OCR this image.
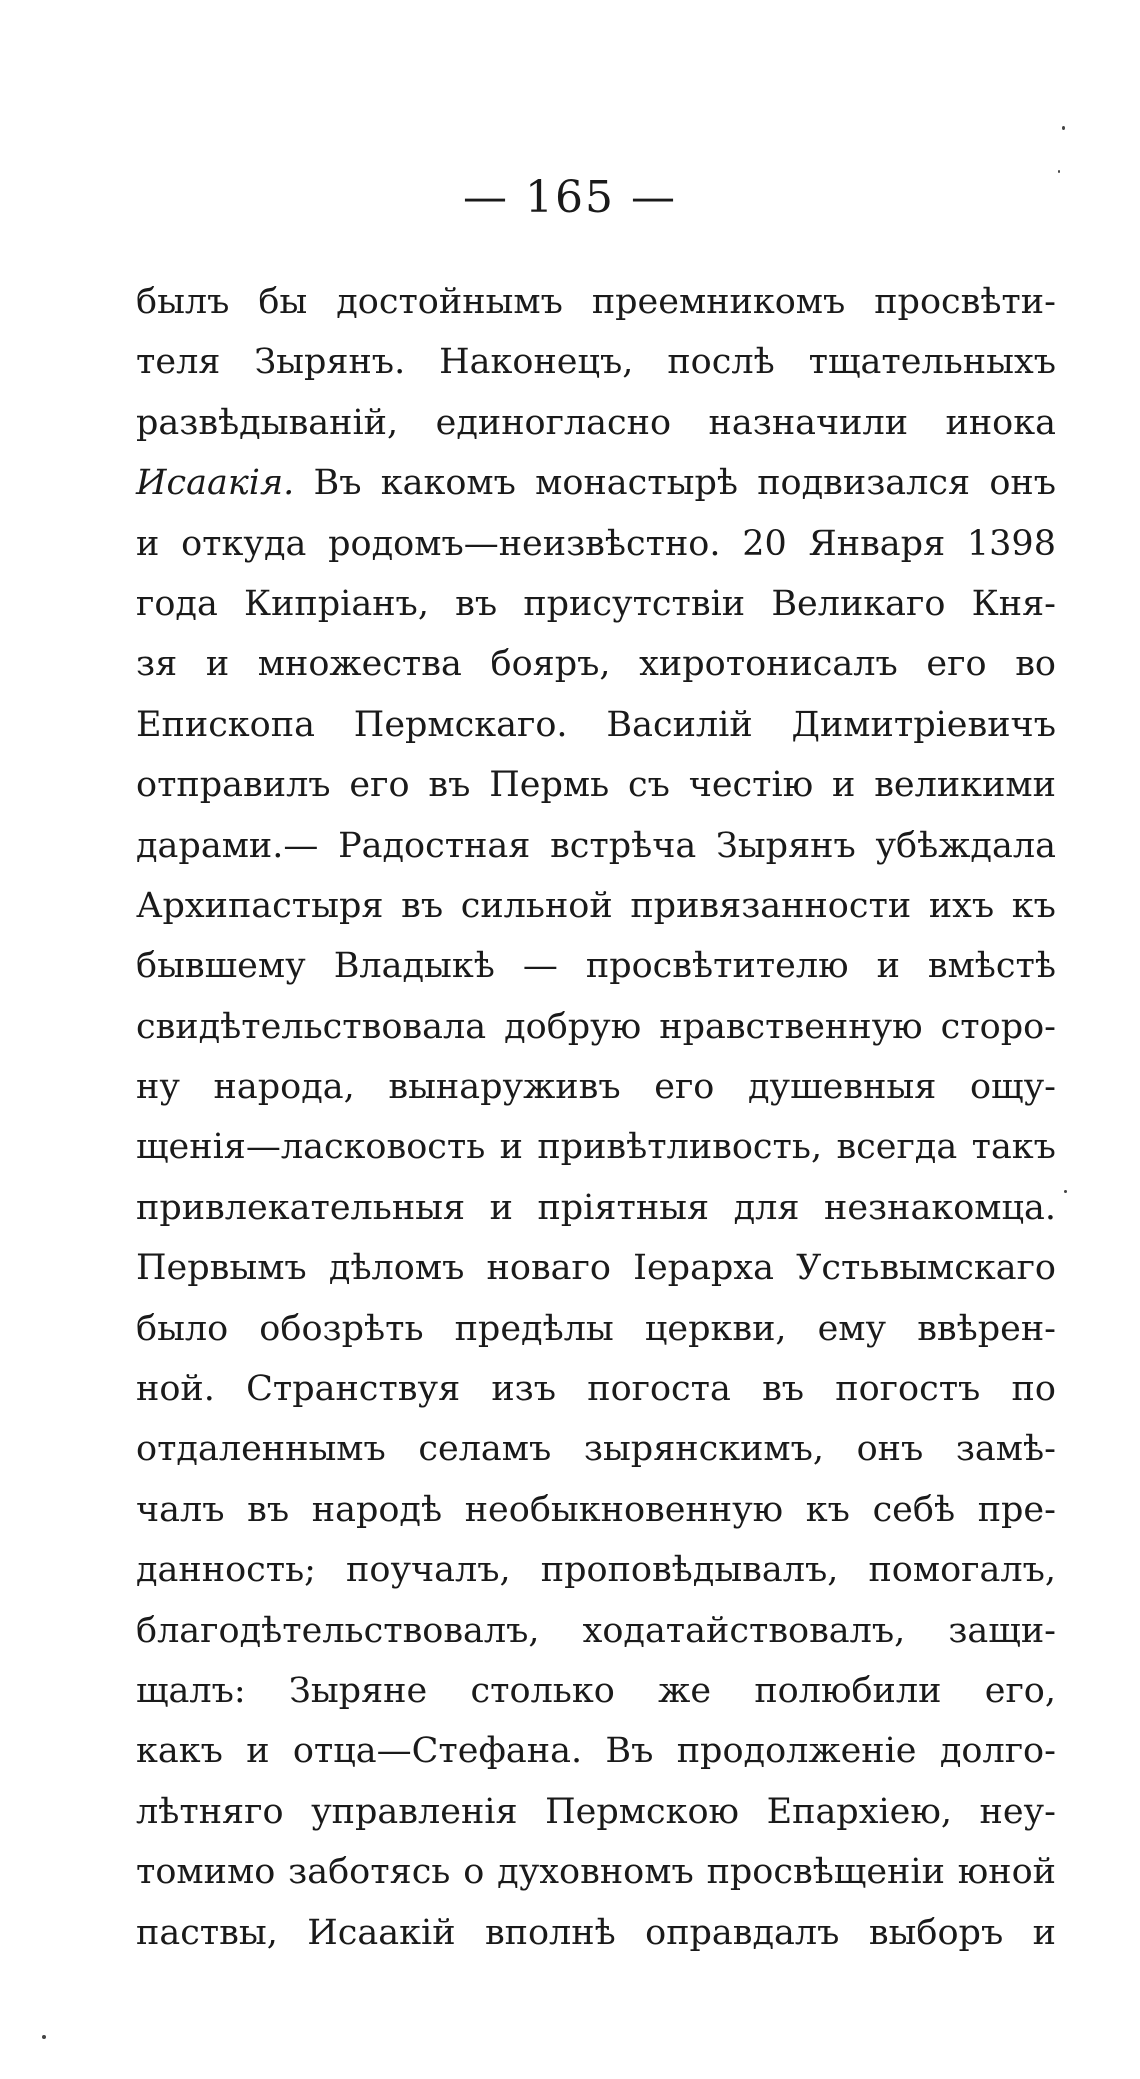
— 165 —
былъ бы достойнымъ преемникомъ просвѣти-
теля Зырянъ. Наконецъ, послѣ тщательныхъ
развѣдываній, единогласно назначили инока
Исаакія. Въ какомъ монастырѣ подвизался онъ
и откуда родомъ—неизвѣстно. 20 Января 1398
года Кипріанъ, въ присутствіи Великаго Кня-
зя и множества бояръ, хиротонисалъ его во
Епископа Пермскаго. Василій Димитріевичъ
отправилъ его въ Пермь съ честію и великими
дарами.— Радостная встрѣча Зырянъ убѣждала
Архипастыря въ сильной привязанности ихъ къ
бывшему Владыкѣ — просвѣтителю и вмѣстѣ
свидѣтельствовала добрую нравственную сторо-
ну народа, вынаруживъ его душевныя ощу-
щенія—ласковость и привѣтливость, всегда такъ
привлекательныя и пріятныя для незнакомца.
Первымъ дѣломъ новаго Іерарха Устьвымскаго
было обозрѣть предѣлы церкви, ему ввѣрен-
ной. Странствуя изъ погоста въ погостъ по
отдаленнымъ селамъ зырянскимъ, онъ замѣ-
чалъ въ народѣ необыкновенную къ себѣ пре-
данность; поучалъ, проповѣдывалъ, помогалъ,
благодѣтельствовалъ, ходатайствовалъ, защи-
щалъ: Зыряне столько же полюбили его,
какъ и отца—Стефана. Въ продолженіе долго-
лѣтняго управленія Пермскою Епархіею, неу-
томимо заботясь о духовномъ просвѣщеніи юной
паствы, Исаакій вполнѣ оправдалъ выборъ и
